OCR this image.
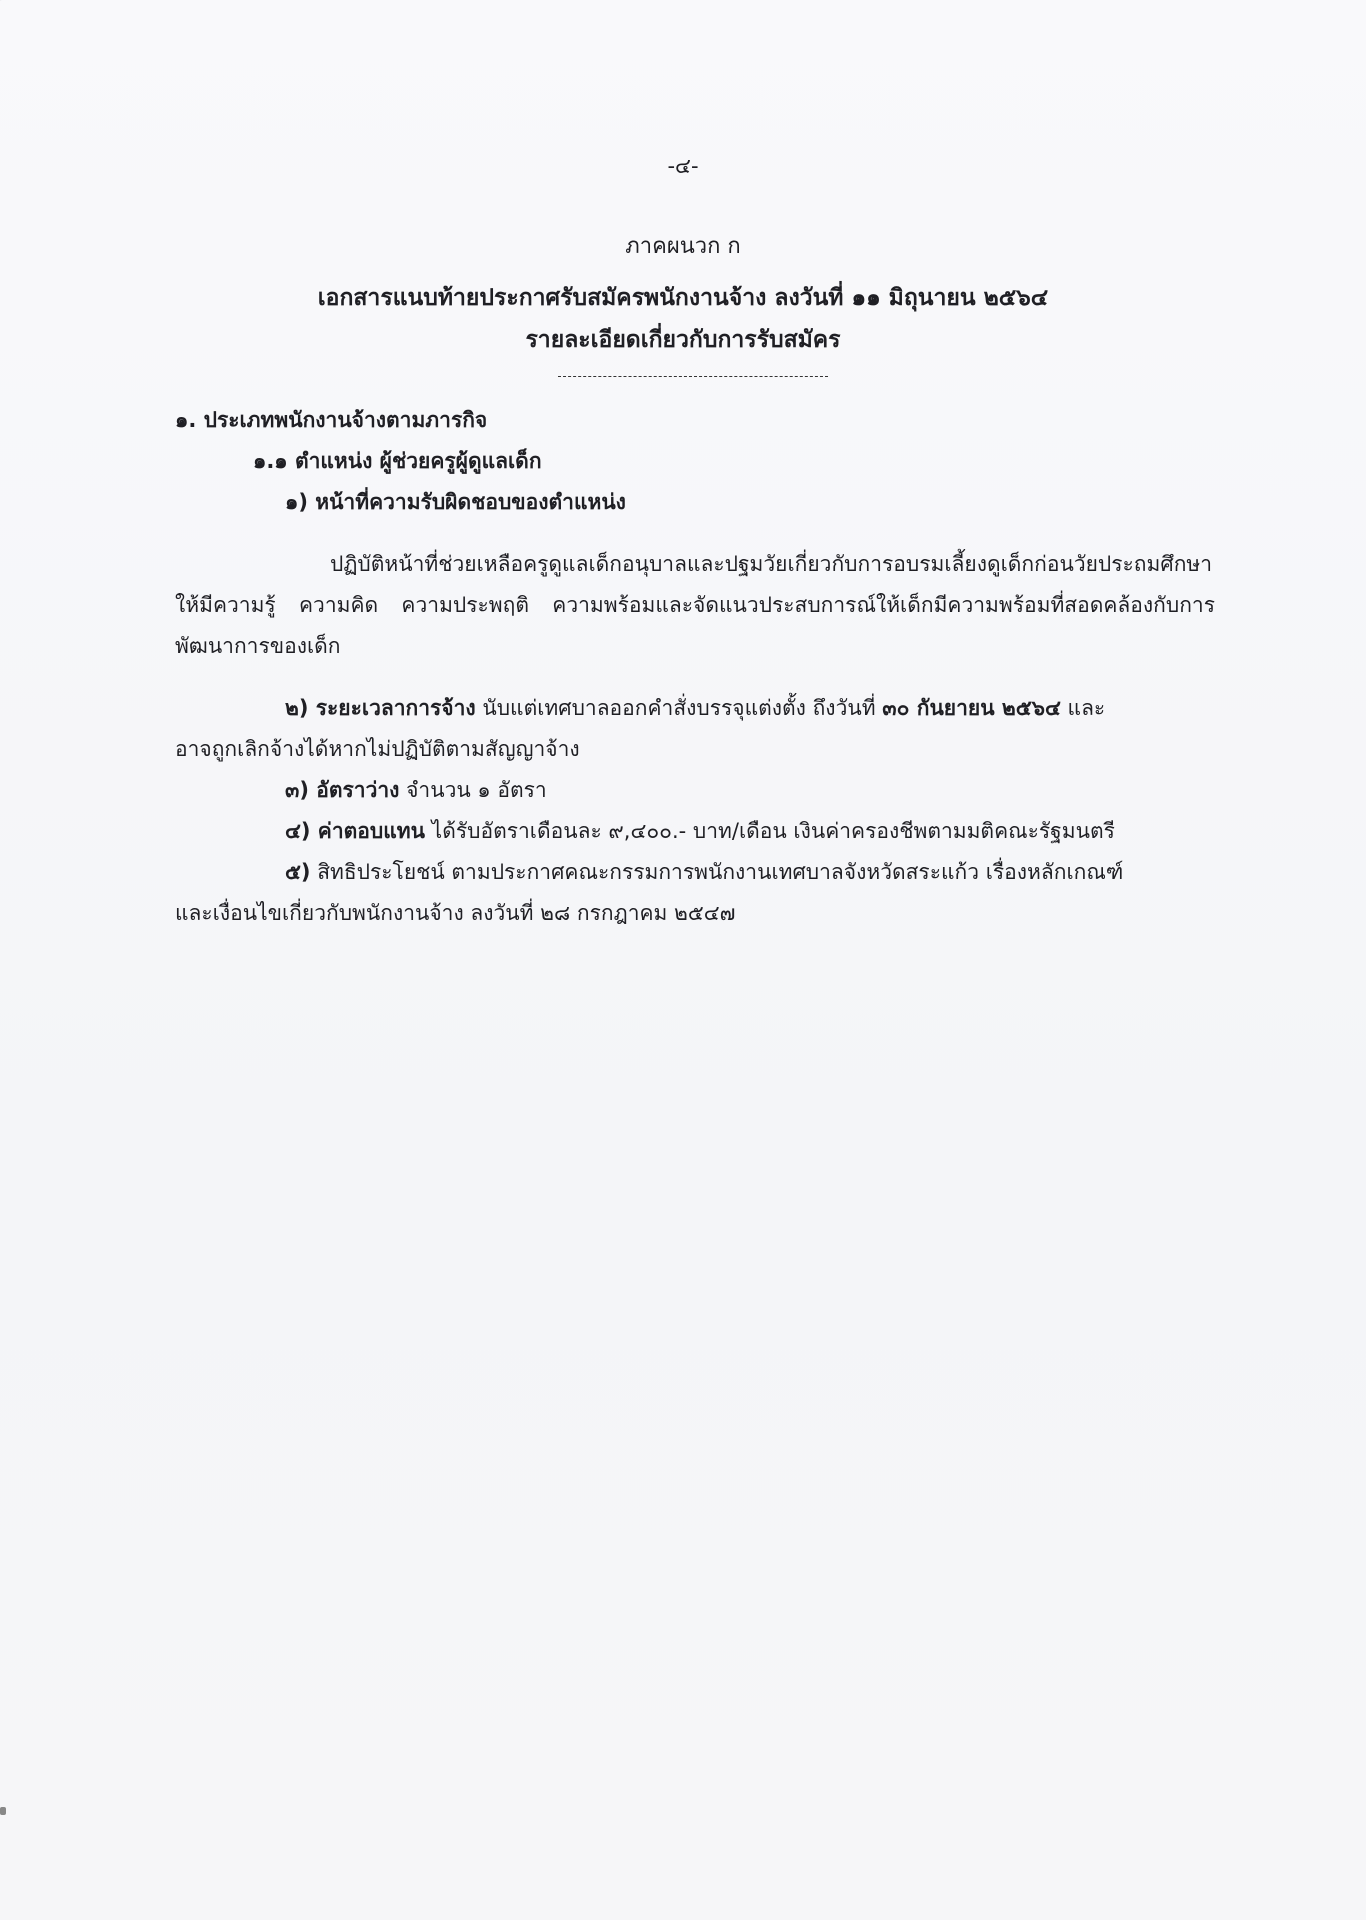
-๔-
ภาคผนวก ก
เอกสารแนบท้ายประกาศรับสมัครพนักงานจ้าง ลงวันที่ ๑๑ มิถุนายน ๒๕๖๔
รายละเอียดเกี่ยวกับการรับสมัคร

๑. ประเภทพนักงานจ้างตามภารกิจ

๑.๑ ตำแหน่ง ผู้ช่วยครูผู้ดูแลเด็ก

๑) หน้าที่ความรับผิดชอบของตำแหน่ง

ปฏิบัติหน้าที่ช่วยเหลือครูดูแลเด็กอนุบาลและปฐมวัยเกี่ยวกับการอบรมเลี้ยงดูเด็กก่อนวัยประถมศึกษาให้มีความรู้ ความคิด ความประพฤติ ความพร้อมและจัดแนวประสบการณ์ให้เด็กมีความพร้อมที่สอดคล้องกับการพัฒนาการของเด็ก

๒) ระยะเวลาการจ้าง นับแต่เทศบาลออกคำสั่งบรรจุแต่งตั้ง ถึงวันที่ ๓๐ กันยายน ๒๕๖๔ และ

อาจถูกเลิกจ้างได้หากไม่ปฏิบัติตามสัญญาจ้าง

๓) อัตราว่าง จำนวน ๑ อัตรา

๔) ค่าตอบแทน ได้รับอัตราเดือนละ ๙,๔๐๐.- บาท/เดือน เงินค่าครองชีพตามมติคณะรัฐมนตรี

๕) สิทธิประโยชน์ ตามประกาศคณะกรรมการพนักงานเทศบาลจังหวัดสระแก้ว เรื่องหลักเกณฑ์

และเงื่อนไขเกี่ยวกับพนักงานจ้าง ลงวันที่ ๒๘ กรกฎาคม ๒๕๔๗
